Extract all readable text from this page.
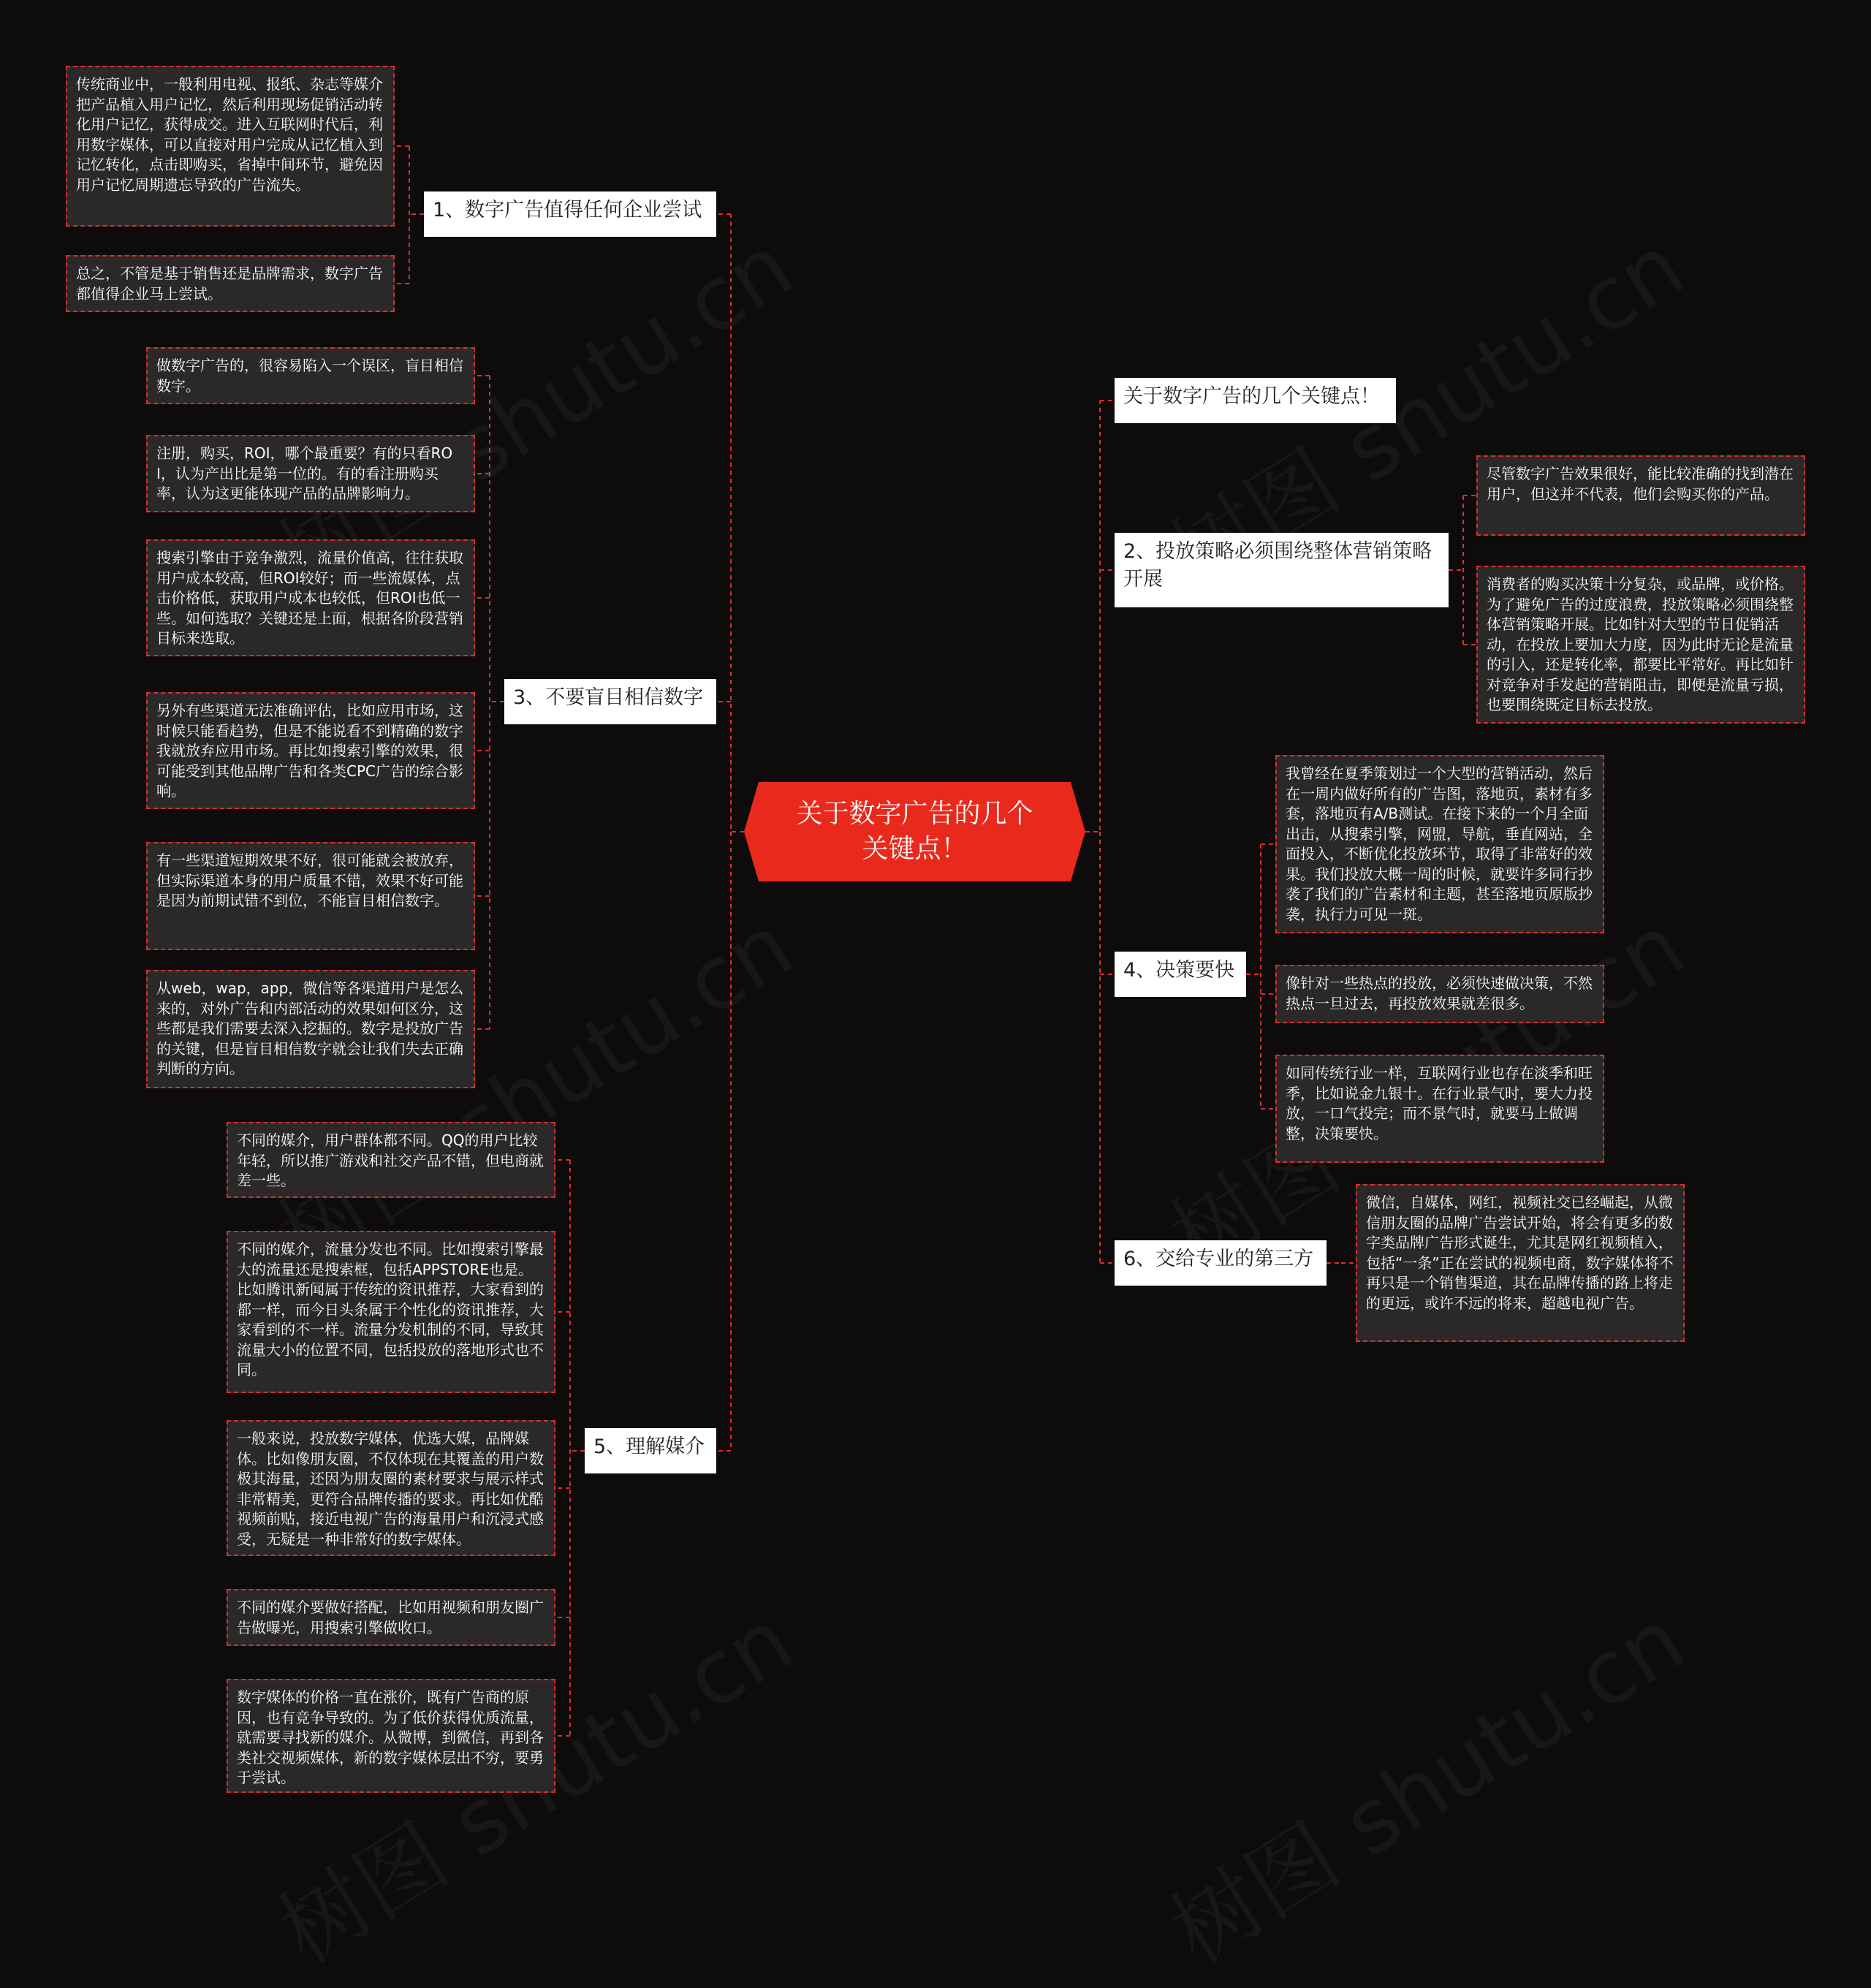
关于数字广告的几个关键点！
1、数字广告值得任何企业尝试
传统商业中，一般利用电视、报纸、杂志等媒介把产品植入用户记忆，然后利用现场促销活动转化用户记忆，获得成交。进入互联网时代后，利用数字媒体，可以直接对用户完成从记忆植入到记忆转化，点击即购买，省掉中间环节，避免因用户记忆周期遗忘导致的广告流失。
总之，不管是基于销售还是品牌需求，数字广告都值得企业马上尝试。
3、不要盲目相信数字
做数字广告的，很容易陷入一个误区，盲目相信数字。
注册，购买，ROI，哪个最重要？有的只看ROI，认为产出比是第一位的。有的看注册购买率，认为这更能体现产品的品牌影响力。
搜索引擎由于竞争激烈，流量价值高，往往获取用户成本较高，但ROI较好；而一些流媒体，点击价格低，获取用户成本也较低，但ROI也低一些。如何选取？关键还是上面，根据各阶段营销目标来选取。
另外有些渠道无法准确评估，比如应用市场，这时候只能看趋势，但是不能说看不到精确的数字我就放弃应用市场。再比如搜索引擎的效果，很可能受到其他品牌广告和各类CPC广告的综合影响。
有一些渠道短期效果不好，很可能就会被放弃，但实际渠道本身的用户质量不错，效果不好可能是因为前期试错不到位，不能盲目相信数字。
从web，wap，app，微信等各渠道用户是怎么来的，对外广告和内部活动的效果如何区分，这些都是我们需要去深入挖掘的。数字是投放广告的关键，但是盲目相信数字就会让我们失去正确判断的方向。
5、理解媒介
不同的媒介，用户群体都不同。QQ的用户比较年轻，所以推广游戏和社交产品不错，但电商就差一些。
不同的媒介，流量分发也不同。比如搜索引擎最大的流量还是搜索框，包括APPSTORE也是。比如腾讯新闻属于传统的资讯推荐，大家看到的都一样，而今日头条属于个性化的资讯推荐，大家看到的不一样。流量分发机制的不同，导致其流量大小的位置不同，包括投放的落地形式也不同。
一般来说，投放数字媒体，优选大媒，品牌媒体。比如像朋友圈，不仅体现在其覆盖的用户数极其海量，还因为朋友圈的素材要求与展示样式非常精美，更符合品牌传播的要求。再比如优酷视频前贴，接近电视广告的海量用户和沉浸式感受，无疑是一种非常好的数字媒体。
不同的媒介要做好搭配，比如用视频和朋友圈广告做曝光，用搜索引擎做收口。
数字媒体的价格一直在涨价，既有广告商的原因，也有竞争导致的。为了低价获得优质流量，就需要寻找新的媒介。从微博，到微信，再到各类社交视频媒体，新的数字媒体层出不穷，要勇于尝试。
关于数字广告的几个关键点！
2、投放策略必须围绕整体营销策略开展
尽管数字广告效果很好，能比较准确的找到潜在用户，但这并不代表，他们会购买你的产品。
消费者的购买决策十分复杂，或品牌，或价格。为了避免广告的过度浪费，投放策略必须围绕整体营销策略开展。比如针对大型的节日促销活动，在投放上要加大力度，因为此时无论是流量的引入，还是转化率，都要比平常好。再比如针对竞争对手发起的营销阻击，即便是流量亏损，也要围绕既定目标去投放。
4、决策要快
我曾经在夏季策划过一个大型的营销活动，然后在一周内做好所有的广告图，落地页，素材有多套，落地页有A/B测试。在接下来的一个月全面出击，从搜索引擎，网盟，导航，垂直网站，全面投入，不断优化投放环节，取得了非常好的效果。我们投放大概一周的时候，就要许多同行抄袭了我们的广告素材和主题，甚至落地页原版抄袭，执行力可见一斑。
像针对一些热点的投放，必须快速做决策，不然热点一旦过去，再投放效果就差很多。
如同传统行业一样，互联网行业也存在淡季和旺季，比如说金九银十。在行业景气时，要大力投放，一口气投完；而不景气时，就要马上做调整，决策要快。
6、交给专业的第三方
微信，自媒体，网红，视频社交已经崛起，从微信朋友圈的品牌广告尝试开始，将会有更多的数字类品牌广告形式诞生，尤其是网红视频植入，包括“一条”正在尝试的视频电商，数字媒体将不再只是一个销售渠道，其在品牌传播的路上将走的更远，或许不远的将来，超越电视广告。
